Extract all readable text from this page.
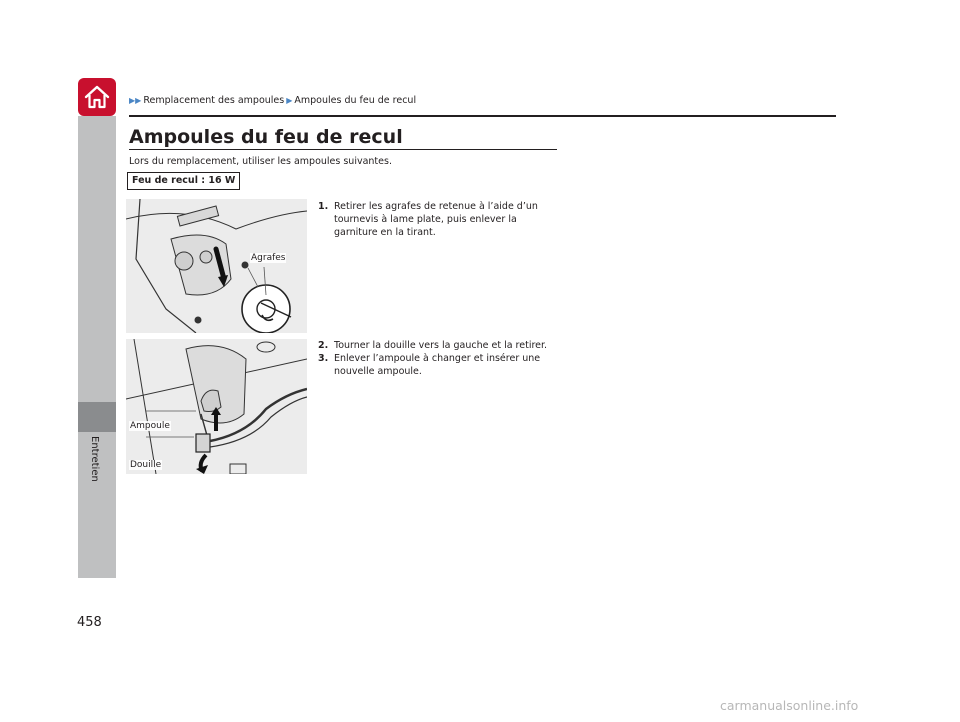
Entretien
▶▶ Remplacement des ampoules ▶ Ampoules du feu de recul
Ampoules du feu de recul
Lors du remplacement, utiliser les ampoules suivantes.
Feu de recul : 16 W
Agrafes
1. Retirer les agrafes de retenue à l’aide d’un tournevis à lame plate, puis enlever la garniture en la tirant.
2. Tourner la douille vers la gauche et la retirer.
3. Enlever l’ampoule à changer et insérer une nouvelle ampoule.
Ampoule
Douille
458
carmanualsonline.info
